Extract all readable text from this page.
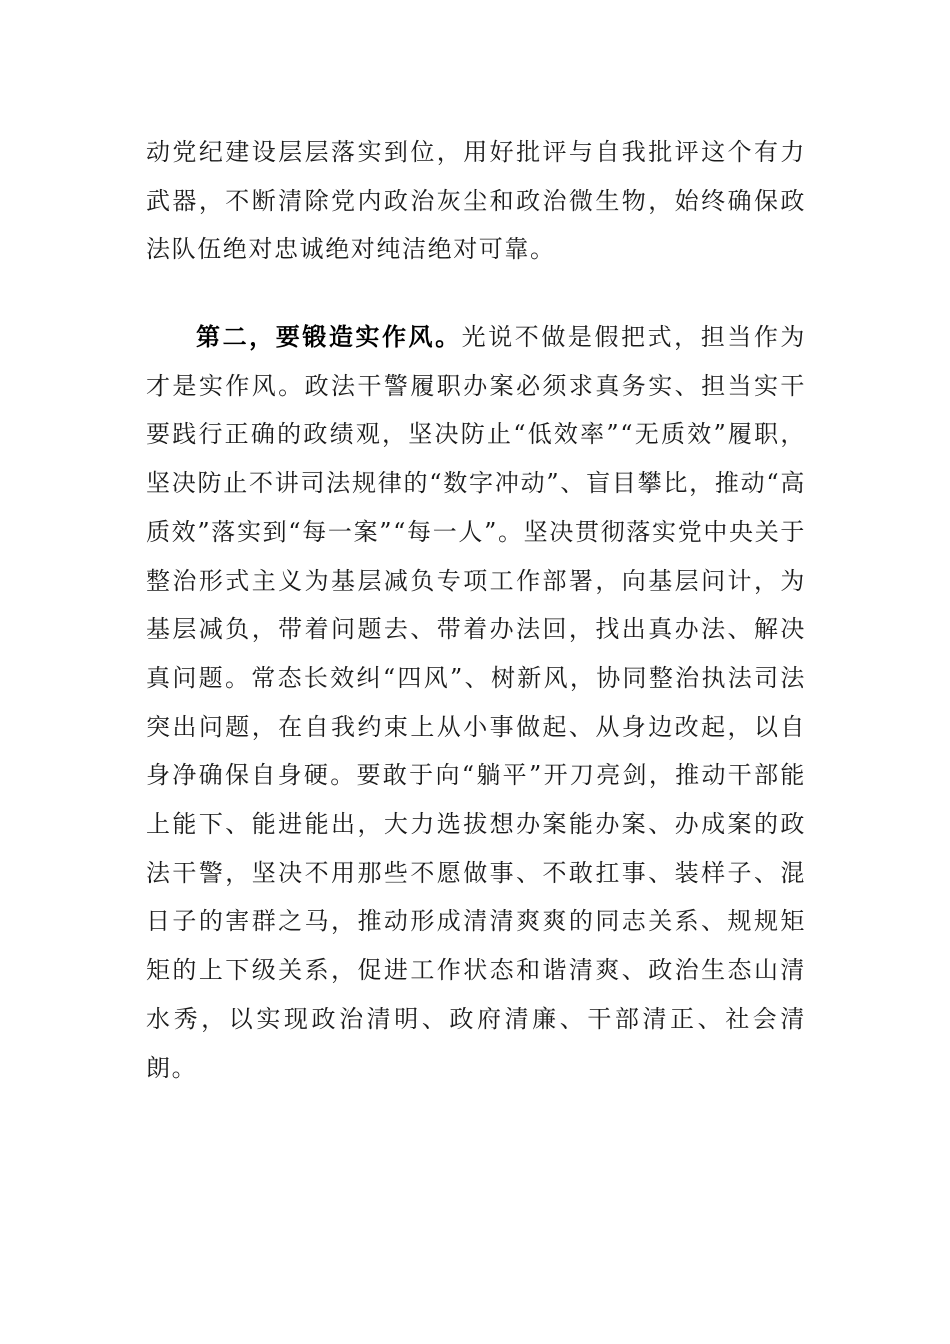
动党纪建设层层落实到位，用好批评与自我批评这个有力武器，不断清除党内政治灰尘和政治微生物，始终确保政法队伍绝对忠诚绝对纯洁绝对可靠。

第二，要锻造实作风。光说不做是假把式，担当作为才是实作风。政法干警履职办案必须求真务实、担当实干要践行正确的政绩观，坚决防止“低效率”“无质效”履职，坚决防止不讲司法规律的“数字冲动”、盲目攀比，推动“高质效”落实到“每一案”“每一人”。坚决贯彻落实党中央关于整治形式主义为基层减负专项工作部署，向基层问计，为基层减负，带着问题去、带着办法回，找出真办法、解决真问题。常态长效纠“四风”、树新风，协同整治执法司法突出问题，在自我约束上从小事做起、从身边改起，以自身净确保自身硬。要敢于向“躺平”开刀亮剑，推动干部能上能下、能进能出，大力选拔想办案能办案、办成案的政法干警，坚决不用那些不愿做事、不敢扛事、装样子、混日子的害群之马，推动形成清清爽爽的同志关系、规规矩矩的上下级关系，促进工作状态和谐清爽、政治生态山清水秀，以实现政治清明、政府清廉、干部清正、社会清朗。
